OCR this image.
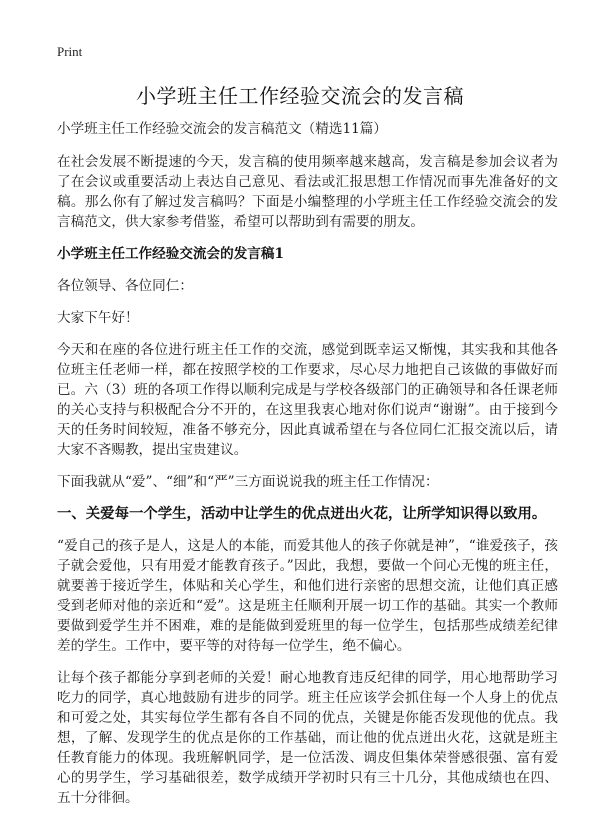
Print
小学班主任工作经验交流会的发言稿

小学班主任工作经验交流会的发言稿范文（精选11篇）

在社会发展不断提速的今天，发言稿的使用频率越来越高，发言稿是参加会议者为了在会议或重要活动上表达自己意见、看法或汇报思想工作情况而事先准备好的文稿。那么你有了解过发言稿吗？下面是小编整理的小学班主任工作经验交流会的发言稿范文，供大家参考借鉴，希望可以帮助到有需要的朋友。

小学班主任工作经验交流会的发言稿1

各位领导、各位同仁：

大家下午好！

今天和在座的各位进行班主任工作的交流，感觉到既幸运又惭愧，其实我和其他各位班主任老师一样，都在按照学校的工作要求，尽心尽力地把自己该做的事做好而已。六（3）班的各项工作得以顺利完成是与学校各级部门的正确领导和各任课老师的关心支持与积极配合分不开的，在这里我衷心地对你们说声“谢谢”。由于接到今天的任务时间较短，准备不够充分，因此真诚希望在与各位同仁汇报交流以后，请大家不吝赐教，提出宝贵建议。

下面我就从“爱”、“细”和“严”三方面说说我的班主任工作情况：

一、关爱每一个学生，活动中让学生的优点迸出火花，让所学知识得以致用。

“爱自己的孩子是人，这是人的本能，而爱其他人的孩子你就是神”，“谁爱孩子，孩子就会爱他，只有用爱才能教育孩子。”因此，我想，要做一个问心无愧的班主任，就要善于接近学生，体贴和关心学生，和他们进行亲密的思想交流，让他们真正感受到老师对他的亲近和“爱”。这是班主任顺利开展一切工作的基础。其实一个教师要做到爱学生并不困难，难的是能做到爱班里的每一位学生，包括那些成绩差纪律差的学生。工作中，要平等的对待每一位学生，绝不偏心。

让每个孩子都能分享到老师的关爱！耐心地教育违反纪律的同学，用心地帮助学习吃力的同学，真心地鼓励有进步的同学。班主任应该学会抓住每一个人身上的优点和可爱之处，其实每位学生都有各自不同的优点，关键是你能否发现他的优点。我想，了解、发现学生的优点是你的工作基础，而让他的优点迸出火花，这就是班主任教育能力的体现。我班解帆同学，是一位活泼、调皮但集体荣誉感很强、富有爱心的男学生，学习基础很差，数学成绩开学初时只有三十几分，其他成绩也在四、五十分徘徊。
